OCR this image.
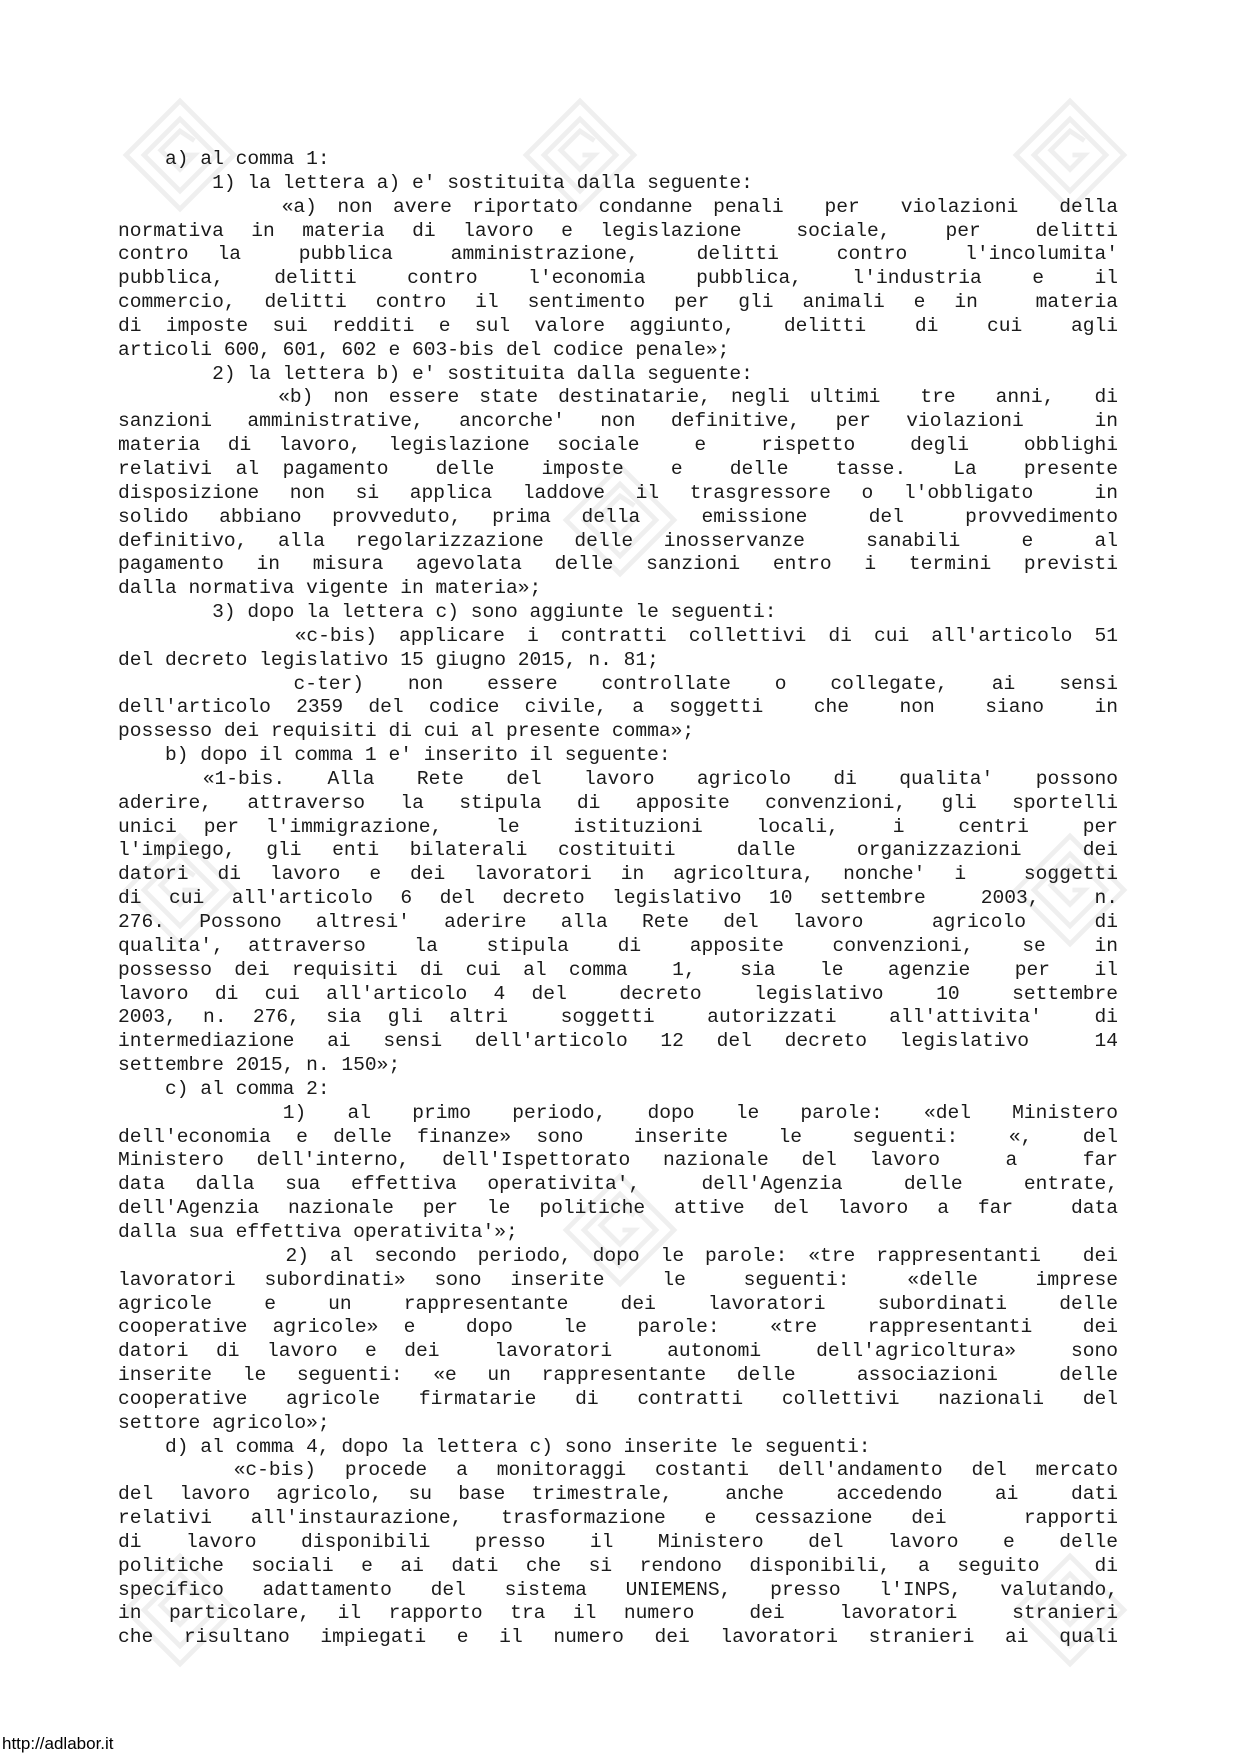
a) al comma 1:

1) la lettera a) e' sostituita dalla seguente:

«a) non avere riportato condanne penali  per  violazioni  della

normativa in materia di lavoro e legislazione  sociale,  per  delitti

contro la  pubblica  amministrazione,  delitti  contro  l'incolumita'

pubblica,  delitti  contro  l'economia  pubblica,  l'industria  e  il

commercio, delitti contro il sentimento per gli animali e in  materia

di imposte sui redditi e sul valore aggiunto,  delitti  di  cui  agli

articoli 600, 601, 602 e 603-bis del codice penale»;

2) la lettera b) e' sostituita dalla seguente:

«b) non essere state destinatarie, negli ultimi  tre  anni,  di

sanzioni amministrative, ancorche' non definitive, per violazioni  in

materia di lavoro, legislazione sociale  e  rispetto  degli  obblighi

relativi al pagamento  delle  imposte  e  delle  tasse.  La  presente

disposizione non si applica laddove il trasgressore o l'obbligato  in

solido abbiano provveduto, prima della  emissione  del  provvedimento

definitivo, alla regolarizzazione delle inosservanze  sanabili  e  al

pagamento in misura agevolata delle sanzioni entro i termini previsti

dalla normativa vigente in materia»;

3) dopo la lettera c) sono aggiunte le seguenti:

«c-bis) applicare i contratti collettivi di cui all'articolo 51

del decreto legislativo 15 giugno 2015, n. 81;

c-ter)  non  essere  controllate  o  collegate,  ai  sensi

dell'articolo 2359 del codice civile, a soggetti  che  non  siano  in

possesso dei requisiti di cui al presente comma»;

b) dopo il comma 1 e' inserito il seguente:

«1-bis.  Alla  Rete  del  lavoro  agricolo  di  qualita'  possono

aderire, attraverso la stipula di apposite convenzioni, gli sportelli

unici per l'immigrazione,  le  istituzioni  locali,  i  centri  per

l'impiego, gli enti bilaterali costituiti  dalle  organizzazioni  dei

datori di lavoro e dei lavoratori in agricoltura, nonche' i  soggetti

di cui all'articolo 6 del decreto legislativo 10 settembre  2003,  n.

276. Possono altresi' aderire alla Rete del lavoro  agricolo  di

qualita', attraverso  la  stipula  di  apposite  convenzioni,  se  in

possesso dei requisiti di cui al comma  1,  sia  le  agenzie  per  il

lavoro di cui all'articolo 4 del  decreto  legislativo  10  settembre

2003, n. 276, sia gli altri  soggetti  autorizzati  all'attivita'  di

intermediazione ai sensi dell'articolo 12 del decreto legislativo  14

settembre 2015, n. 150»;

c) al comma 2:

1)  al  primo  periodo,  dopo  le  parole:  «del  Ministero

dell'economia e delle finanze» sono  inserite  le  seguenti:  «,  del

Ministero dell'interno, dell'Ispettorato nazionale del lavoro  a  far

data dalla sua effettiva operativita',  dell'Agenzia  delle  entrate,

dell'Agenzia nazionale per le politiche attive del lavoro a far  data

dalla sua effettiva operativita'»;

2) al secondo periodo, dopo le parole: «tre rappresentanti  dei

lavoratori subordinati» sono inserite  le  seguenti:  «delle  imprese

agricole  e  un  rappresentante  dei  lavoratori  subordinati  delle

cooperative agricole» e  dopo  le  parole:  «tre  rappresentanti  dei

datori di lavoro e dei  lavoratori  autonomi  dell'agricoltura»  sono

inserite le seguenti: «e un rappresentante delle  associazioni  delle

cooperative agricole firmatarie di contratti collettivi nazionali del

settore agricolo»;

d) al comma 4, dopo la lettera c) sono inserite le seguenti:

«c-bis) procede a monitoraggi costanti dell'andamento del mercato

del lavoro agricolo, su base trimestrale,  anche  accedendo  ai  dati

relativi all'instaurazione, trasformazione e cessazione dei  rapporti

di  lavoro  disponibili  presso  il  Ministero  del  lavoro  e  delle

politiche sociali e ai dati che si rendono disponibili, a seguito  di

specifico adattamento del sistema UNIEMENS, presso l'INPS, valutando,

in particolare, il rapporto tra il numero  dei  lavoratori  stranieri

che risultano impiegati e il numero dei lavoratori stranieri ai quali

http://adlabor.it
